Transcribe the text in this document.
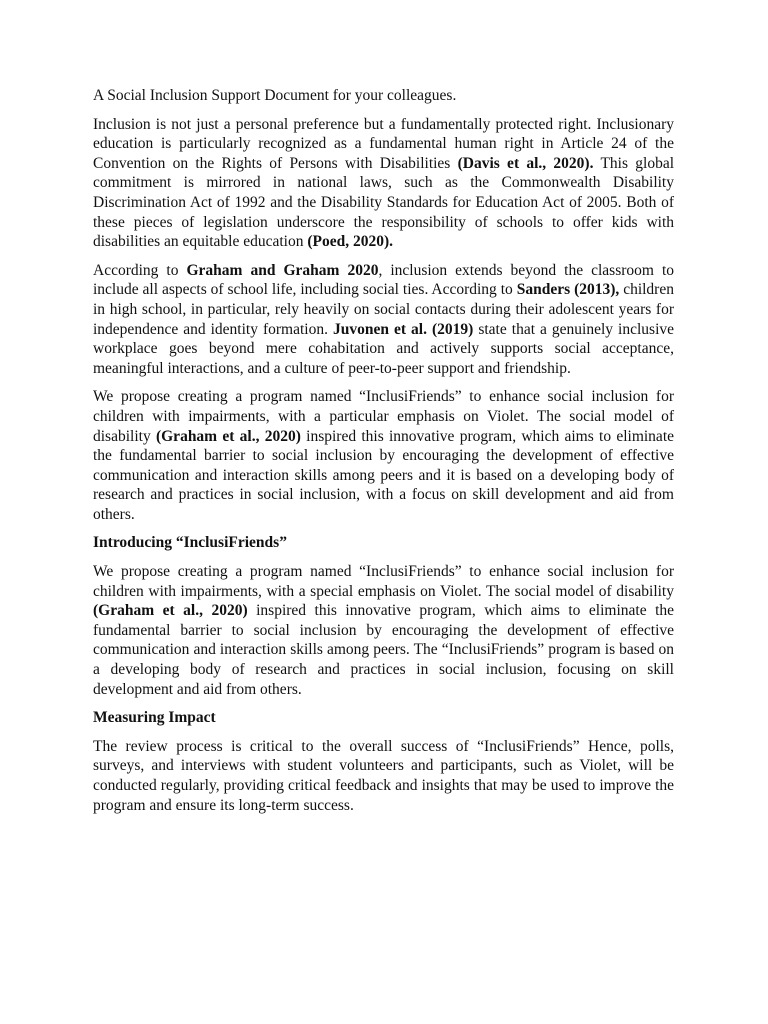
A Social Inclusion Support Document for your colleagues.

Inclusion is not just a personal preference but a fundamentally protected right. Inclusionary education is particularly recognized as a fundamental human right in Article 24 of the Convention on the Rights of Persons with Disabilities (Davis et al., 2020). This global commitment is mirrored in national laws, such as the Commonwealth Disability Discrimination Act of 1992 and the Disability Standards for Education Act of 2005. Both of these pieces of legislation underscore the responsibility of schools to offer kids with disabilities an equitable education (Poed, 2020).

According to Graham and Graham 2020, inclusion extends beyond the classroom to include all aspects of school life, including social ties. According to Sanders (2013), children in high school, in particular, rely heavily on social contacts during their adolescent years for independence and identity formation. Juvonen et al. (2019) state that a genuinely inclusive workplace goes beyond mere cohabitation and actively supports social acceptance, meaningful interactions, and a culture of peer-to-peer support and friendship.

We propose creating a program named “InclusiFriends” to enhance social inclusion for children with impairments, with a particular emphasis on Violet. The social model of disability (Graham et al., 2020) inspired this innovative program, which aims to eliminate the fundamental barrier to social inclusion by encouraging the development of effective communication and interaction skills among peers and it is based on a developing body of research and practices in social inclusion, with a focus on skill development and aid from others.

Introducing “InclusiFriends”

We propose creating a program named “InclusiFriends” to enhance social inclusion for children with impairments, with a special emphasis on Violet. The social model of disability (Graham et al., 2020) inspired this innovative program, which aims to eliminate the fundamental barrier to social inclusion by encouraging the development of effective communication and interaction skills among peers. The “InclusiFriends” program is based on a developing body of research and practices in social inclusion, focusing on skill development and aid from others.

Measuring Impact

The review process is critical to the overall success of “InclusiFriends” Hence, polls, surveys, and interviews with student volunteers and participants, such as Violet, will be conducted regularly, providing critical feedback and insights that may be used to improve the program and ensure its long-term success.
